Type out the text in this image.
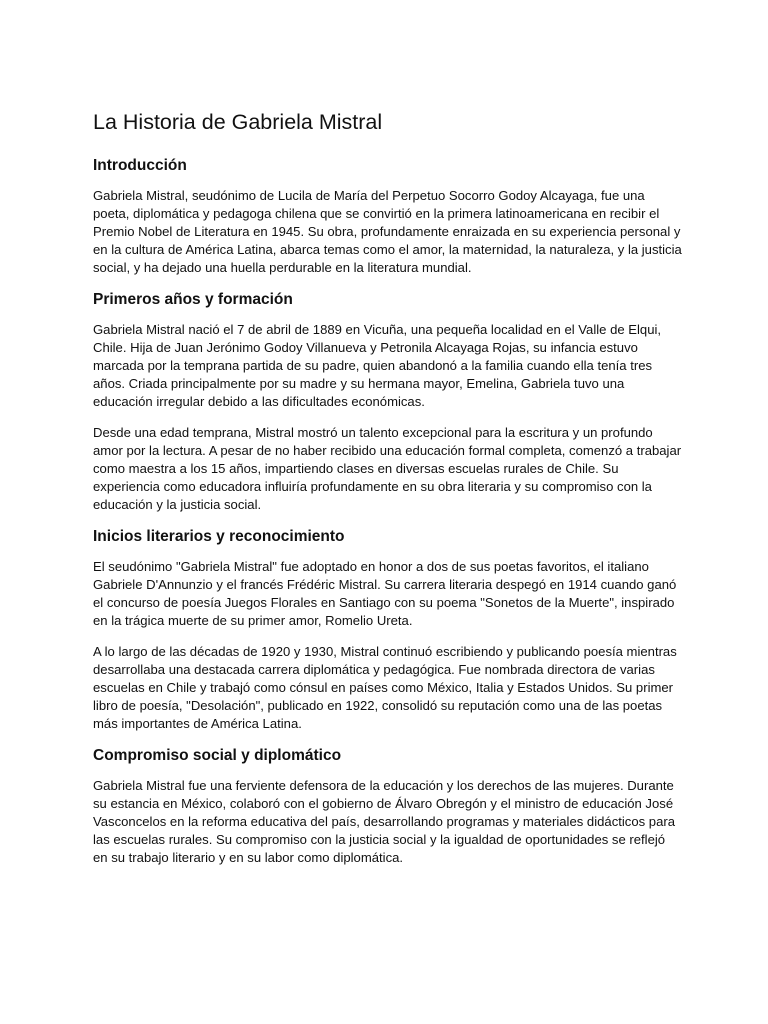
La Historia de Gabriela Mistral
Introducción

Gabriela Mistral, seudónimo de Lucila de María del Perpetuo Socorro Godoy Alcayaga, fue una poeta, diplomática y pedagoga chilena que se convirtió en la primera latinoamericana en recibir el Premio Nobel de Literatura en 1945. Su obra, profundamente enraizada en su experiencia personal y en la cultura de América Latina, abarca temas como el amor, la maternidad, la naturaleza, y la justicia social, y ha dejado una huella perdurable en la literatura mundial.

Primeros años y formación

Gabriela Mistral nació el 7 de abril de 1889 en Vicuña, una pequeña localidad en el Valle de Elqui, Chile. Hija de Juan Jerónimo Godoy Villanueva y Petronila Alcayaga Rojas, su infancia estuvo marcada por la temprana partida de su padre, quien abandonó a la familia cuando ella tenía tres años. Criada principalmente por su madre y su hermana mayor, Emelina, Gabriela tuvo una educación irregular debido a las dificultades económicas.

Desde una edad temprana, Mistral mostró un talento excepcional para la escritura y un profundo amor por la lectura. A pesar de no haber recibido una educación formal completa, comenzó a trabajar como maestra a los 15 años, impartiendo clases en diversas escuelas rurales de Chile. Su experiencia como educadora influiría profundamente en su obra literaria y su compromiso con la educación y la justicia social.

Inicios literarios y reconocimiento

El seudónimo "Gabriela Mistral" fue adoptado en honor a dos de sus poetas favoritos, el italiano Gabriele D'Annunzio y el francés Frédéric Mistral. Su carrera literaria despegó en 1914 cuando ganó el concurso de poesía Juegos Florales en Santiago con su poema "Sonetos de la Muerte", inspirado en la trágica muerte de su primer amor, Romelio Ureta.

A lo largo de las décadas de 1920 y 1930, Mistral continuó escribiendo y publicando poesía mientras desarrollaba una destacada carrera diplomática y pedagógica. Fue nombrada directora de varias escuelas en Chile y trabajó como cónsul en países como México, Italia y Estados Unidos. Su primer libro de poesía, "Desolación", publicado en 1922, consolidó su reputación como una de las poetas más importantes de América Latina.

Compromiso social y diplomático

Gabriela Mistral fue una ferviente defensora de la educación y los derechos de las mujeres. Durante su estancia en México, colaboró con el gobierno de Álvaro Obregón y el ministro de educación José Vasconcelos en la reforma educativa del país, desarrollando programas y materiales didácticos para las escuelas rurales. Su compromiso con la justicia social y la igualdad de oportunidades se reflejó en su trabajo literario y en su labor como diplomática.
